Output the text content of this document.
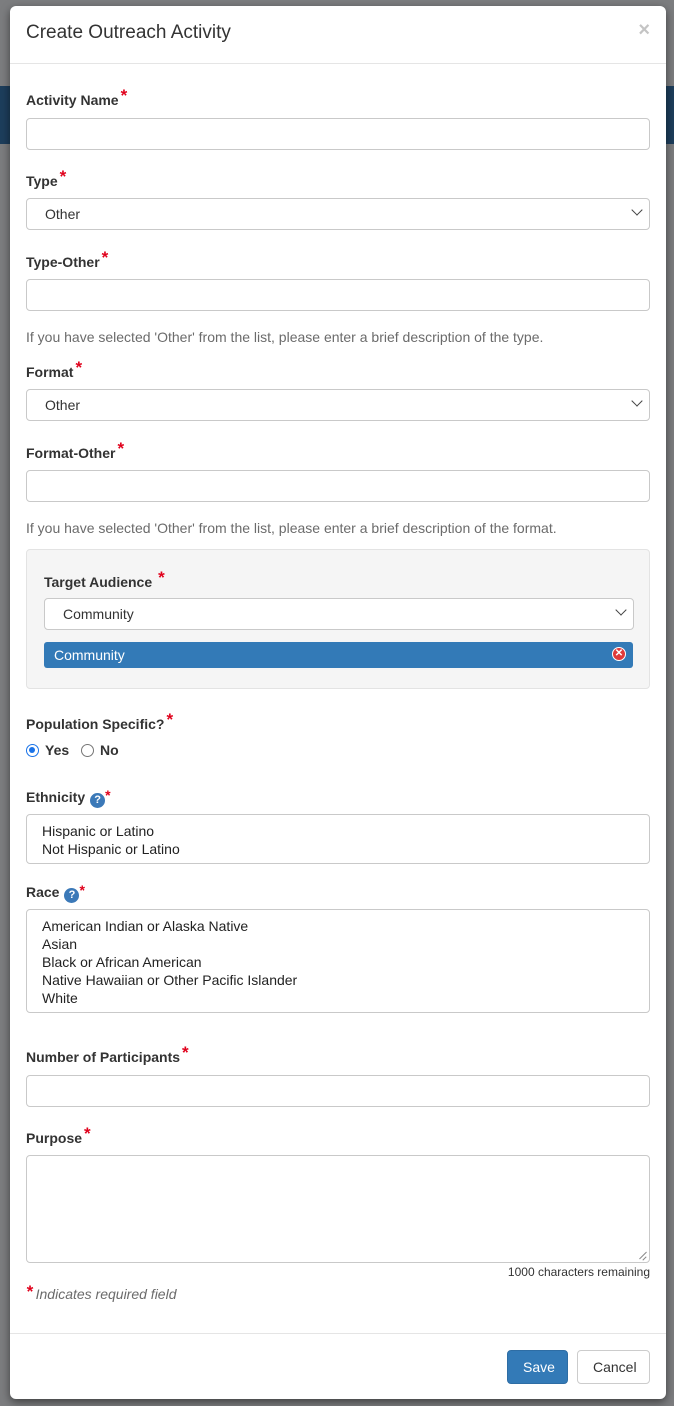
Create Outreach Activity	×
Activity Name *
Type *
Other
Type-Other *
If you have selected 'Other' from the list, please enter a brief description of the type.
Format *
Other
Format-Other *
If you have selected 'Other' from the list, please enter a brief description of the format.
Target Audience *
Community
Community	✕
Population Specific? *
Yes No
Ethnicity ? *
Hispanic or Latino
Not Hispanic or Latino
Race ? *
American Indian or Alaska Native
Asian
Black or African American
Native Hawaiian or Other Pacific Islander
White
Number of Participants *
Purpose *
1000 characters remaining
* Indicates required field
Save	Cancel
